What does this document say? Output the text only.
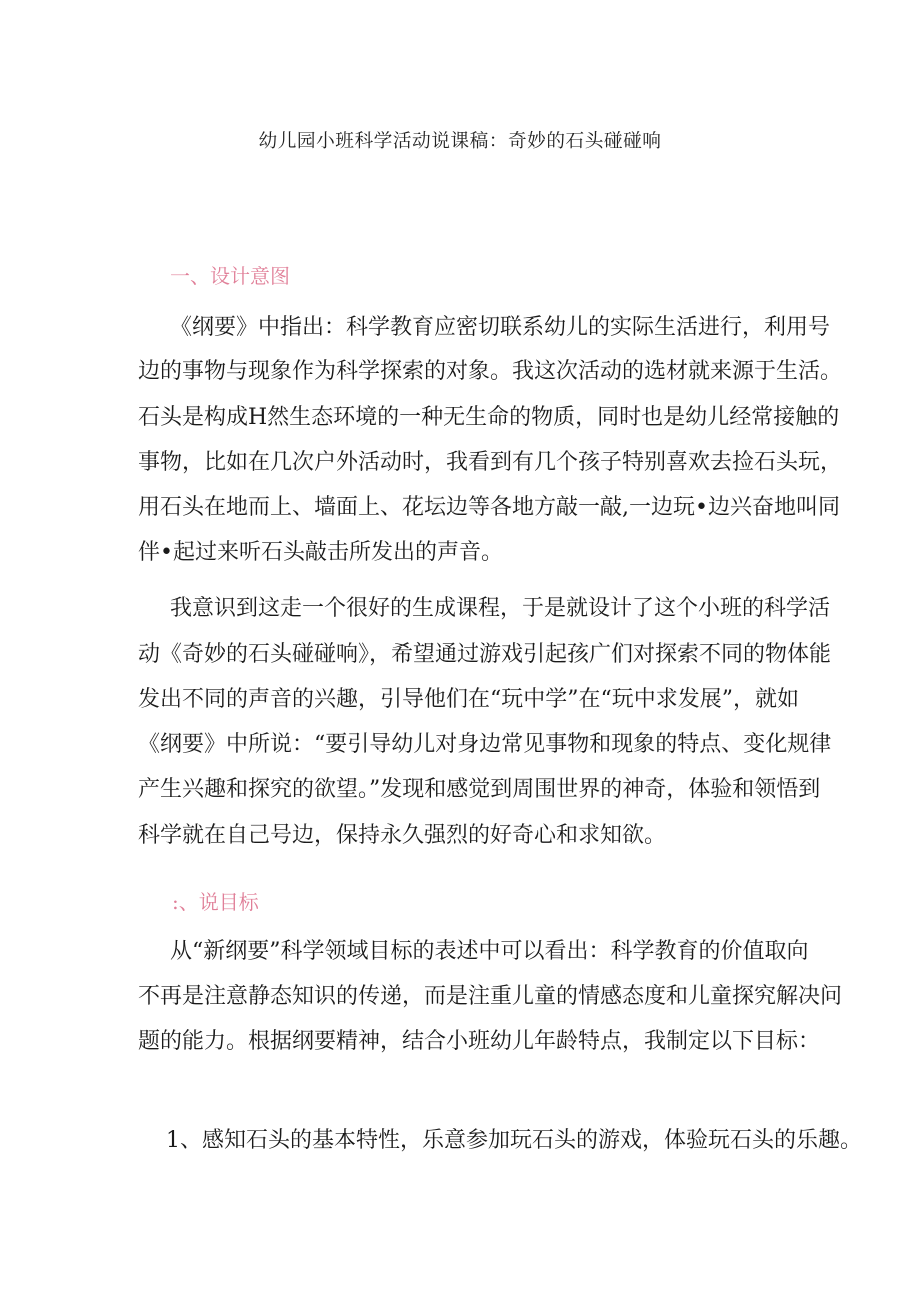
幼儿园小班科学活动说课稿：奇妙的石头碰碰响
一、设计意图
《纲要》中指出：科学教育应密切联系幼儿的实际生活进行，利用号
边的事物与现象作为科学探索的对象。我这次活动的选材就来源于生活。
石头是构成H然生态环境的一种无生命的物质，同时也是幼儿经常接触的
事物，比如在几次户外活动时，我看到有几个孩子特别喜欢去捡石头玩，
用石头在地而上、墙面上、花坛边等各地方敲一敲,一边玩•边兴奋地叫同
伴•起过来听石头敲击所发出的声音。
我意识到这走一个很好的生成课程，于是就设计了这个小班的科学活
动《奇妙的石头碰碰响》，希望通过游戏引起孩广们对探索不同的物体能
发出不同的声音的兴趣，引导他们在“玩中学”在“玩中求发展”，就如
《纲要》中所说：“要引导幼儿对身边常见事物和现象的特点、变化规律
产生兴趣和探究的欲望。”发现和感觉到周围世界的神奇，体验和领悟到
科学就在自己号边，保持永久强烈的好奇心和求知欲。
:、说目标
从“新纲要”科学领域目标的表述中可以看出：科学教育的价值取向
不再是注意静态知识的传递，而是注重儿童的情感态度和儿童探究解决问
题的能力。根据纲要精神，结合小班幼儿年龄特点，我制定以下目标：
1、感知石头的基本特性，乐意参加玩石头的游戏，体验玩石头的乐趣。
